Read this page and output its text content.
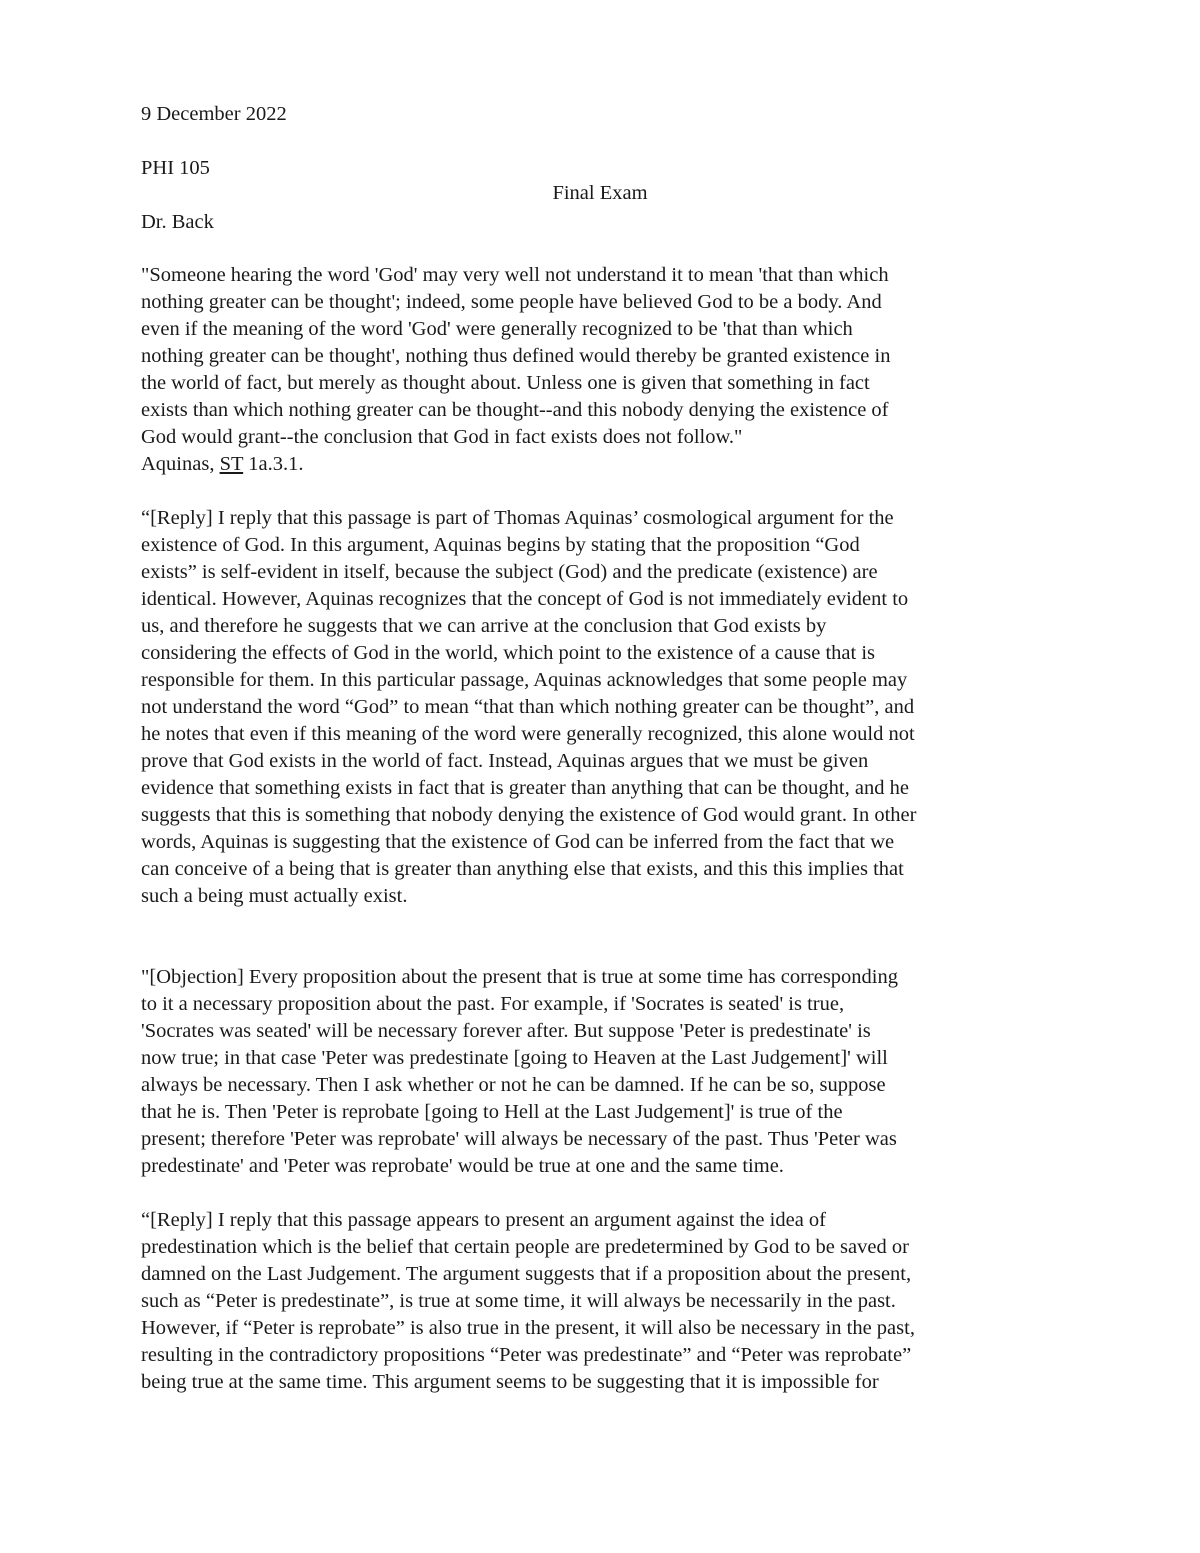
9 December 2022

PHI 105

Dr. Back

Final Exam

"Someone hearing the word 'God' may very well not understand it to mean 'that than which
nothing greater can be thought'; indeed, some people have believed God to be a body. And
even if the meaning of the word 'God' were generally recognized to be 'that than which
nothing greater can be thought', nothing thus defined would thereby be granted existence in
the world of fact, but merely as thought about. Unless one is given that something in fact
exists than which nothing greater can be thought--and this nobody denying the existence of
God would grant--the conclusion that God in fact exists does not follow."

Aquinas, ST 1a.3.1.

“[Reply] I reply that this passage is part of Thomas Aquinas’ cosmological argument for the
existence of God. In this argument, Aquinas begins by stating that the proposition “God
exists” is self-evident in itself, because the subject (God) and the predicate (existence) are
identical. However, Aquinas recognizes that the concept of God is not immediately evident to
us, and therefore he suggests that we can arrive at the conclusion that God exists by
considering the effects of God in the world, which point to the existence of a cause that is
responsible for them. In this particular passage, Aquinas acknowledges that some people may
not understand the word “God” to mean “that than which nothing greater can be thought”, and
he notes that even if this meaning of the word were generally recognized, this alone would not
prove that God exists in the world of fact. Instead, Aquinas argues that we must be given
evidence that something exists in fact that is greater than anything that can be thought, and he
suggests that this is something that nobody denying the existence of God would grant. In other
words, Aquinas is suggesting that the existence of God can be inferred from the fact that we
can conceive of a being that is greater than anything else that exists, and this this implies that
such a being must actually exist.

"[Objection] Every proposition about the present that is true at some time has corresponding
to it a necessary proposition about the past. For example, if 'Socrates is seated' is true,
'Socrates was seated' will be necessary forever after. But suppose 'Peter is predestinate' is
now true; in that case 'Peter was predestinate [going to Heaven at the Last Judgement]' will
always be necessary. Then I ask whether or not he can be damned. If he can be so, suppose
that he is. Then 'Peter is reprobate [going to Hell at the Last Judgement]' is true of the
present; therefore 'Peter was reprobate' will always be necessary of the past. Thus 'Peter was
predestinate' and 'Peter was reprobate' would be true at one and the same time.

“[Reply] I reply that this passage appears to present an argument against the idea of
predestination which is the belief that certain people are predetermined by God to be saved or
damned on the Last Judgement. The argument suggests that if a proposition about the present,
such as “Peter is predestinate”, is true at some time, it will always be necessarily in the past.
However, if “Peter is reprobate” is also true in the present, it will also be necessary in the past,
resulting in the contradictory propositions “Peter was predestinate” and “Peter was reprobate”
being true at the same time. This argument seems to be suggesting that it is impossible for
